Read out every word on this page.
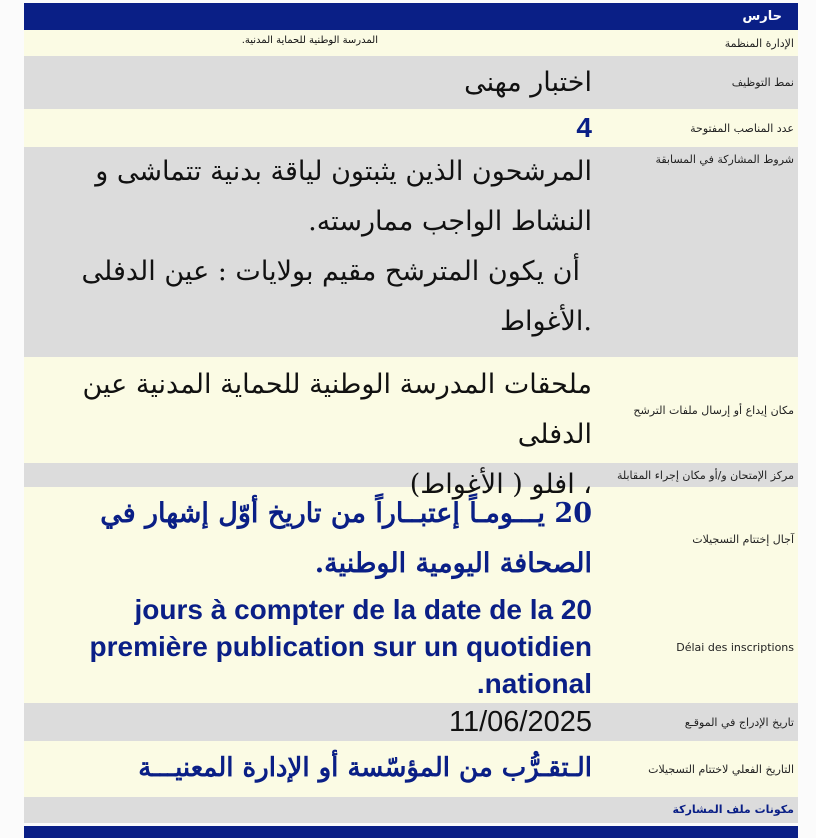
حارس
الإدارة المنظمة
المدرسة الوطنية للحماية المدنية.
نمط التوظيف
اختبار مهنى
عدد المناصب المفتوحة
4
شروط المشاركة في المسابقة
المرشحون الذين يثبتون لياقة بدنية تتماشى و
النشاط الواجب ممارسته.
أن يكون المترشح مقيم بولايات : عين الدفلى
.الأغواط
مكان إيداع أو إرسال ملفات الترشح
ملحقات المدرسة الوطنية للحماية المدنية عين الدفلى
، افلو ( الأغواط)	مركز الإمتحان و/أو مكان إجراء المقابلة
آجال إختتام التسجيلات
20 يـــومـاً إعتبــاراً من تاريخ أوّل إشهار في
الصحافة اليومية الوطنية.
Délai des inscriptions
jours à compter de la date de la 20
première publication sur un quotidien
.national
تاريخ الإدراج في الموقـع
11/06/2025
التاريخ الفعلي لاختتام التسجيلات
الـتقـرُّب من المؤسّسة أو الإدارة المعنيـــة
مكونات ملف المشاركة
